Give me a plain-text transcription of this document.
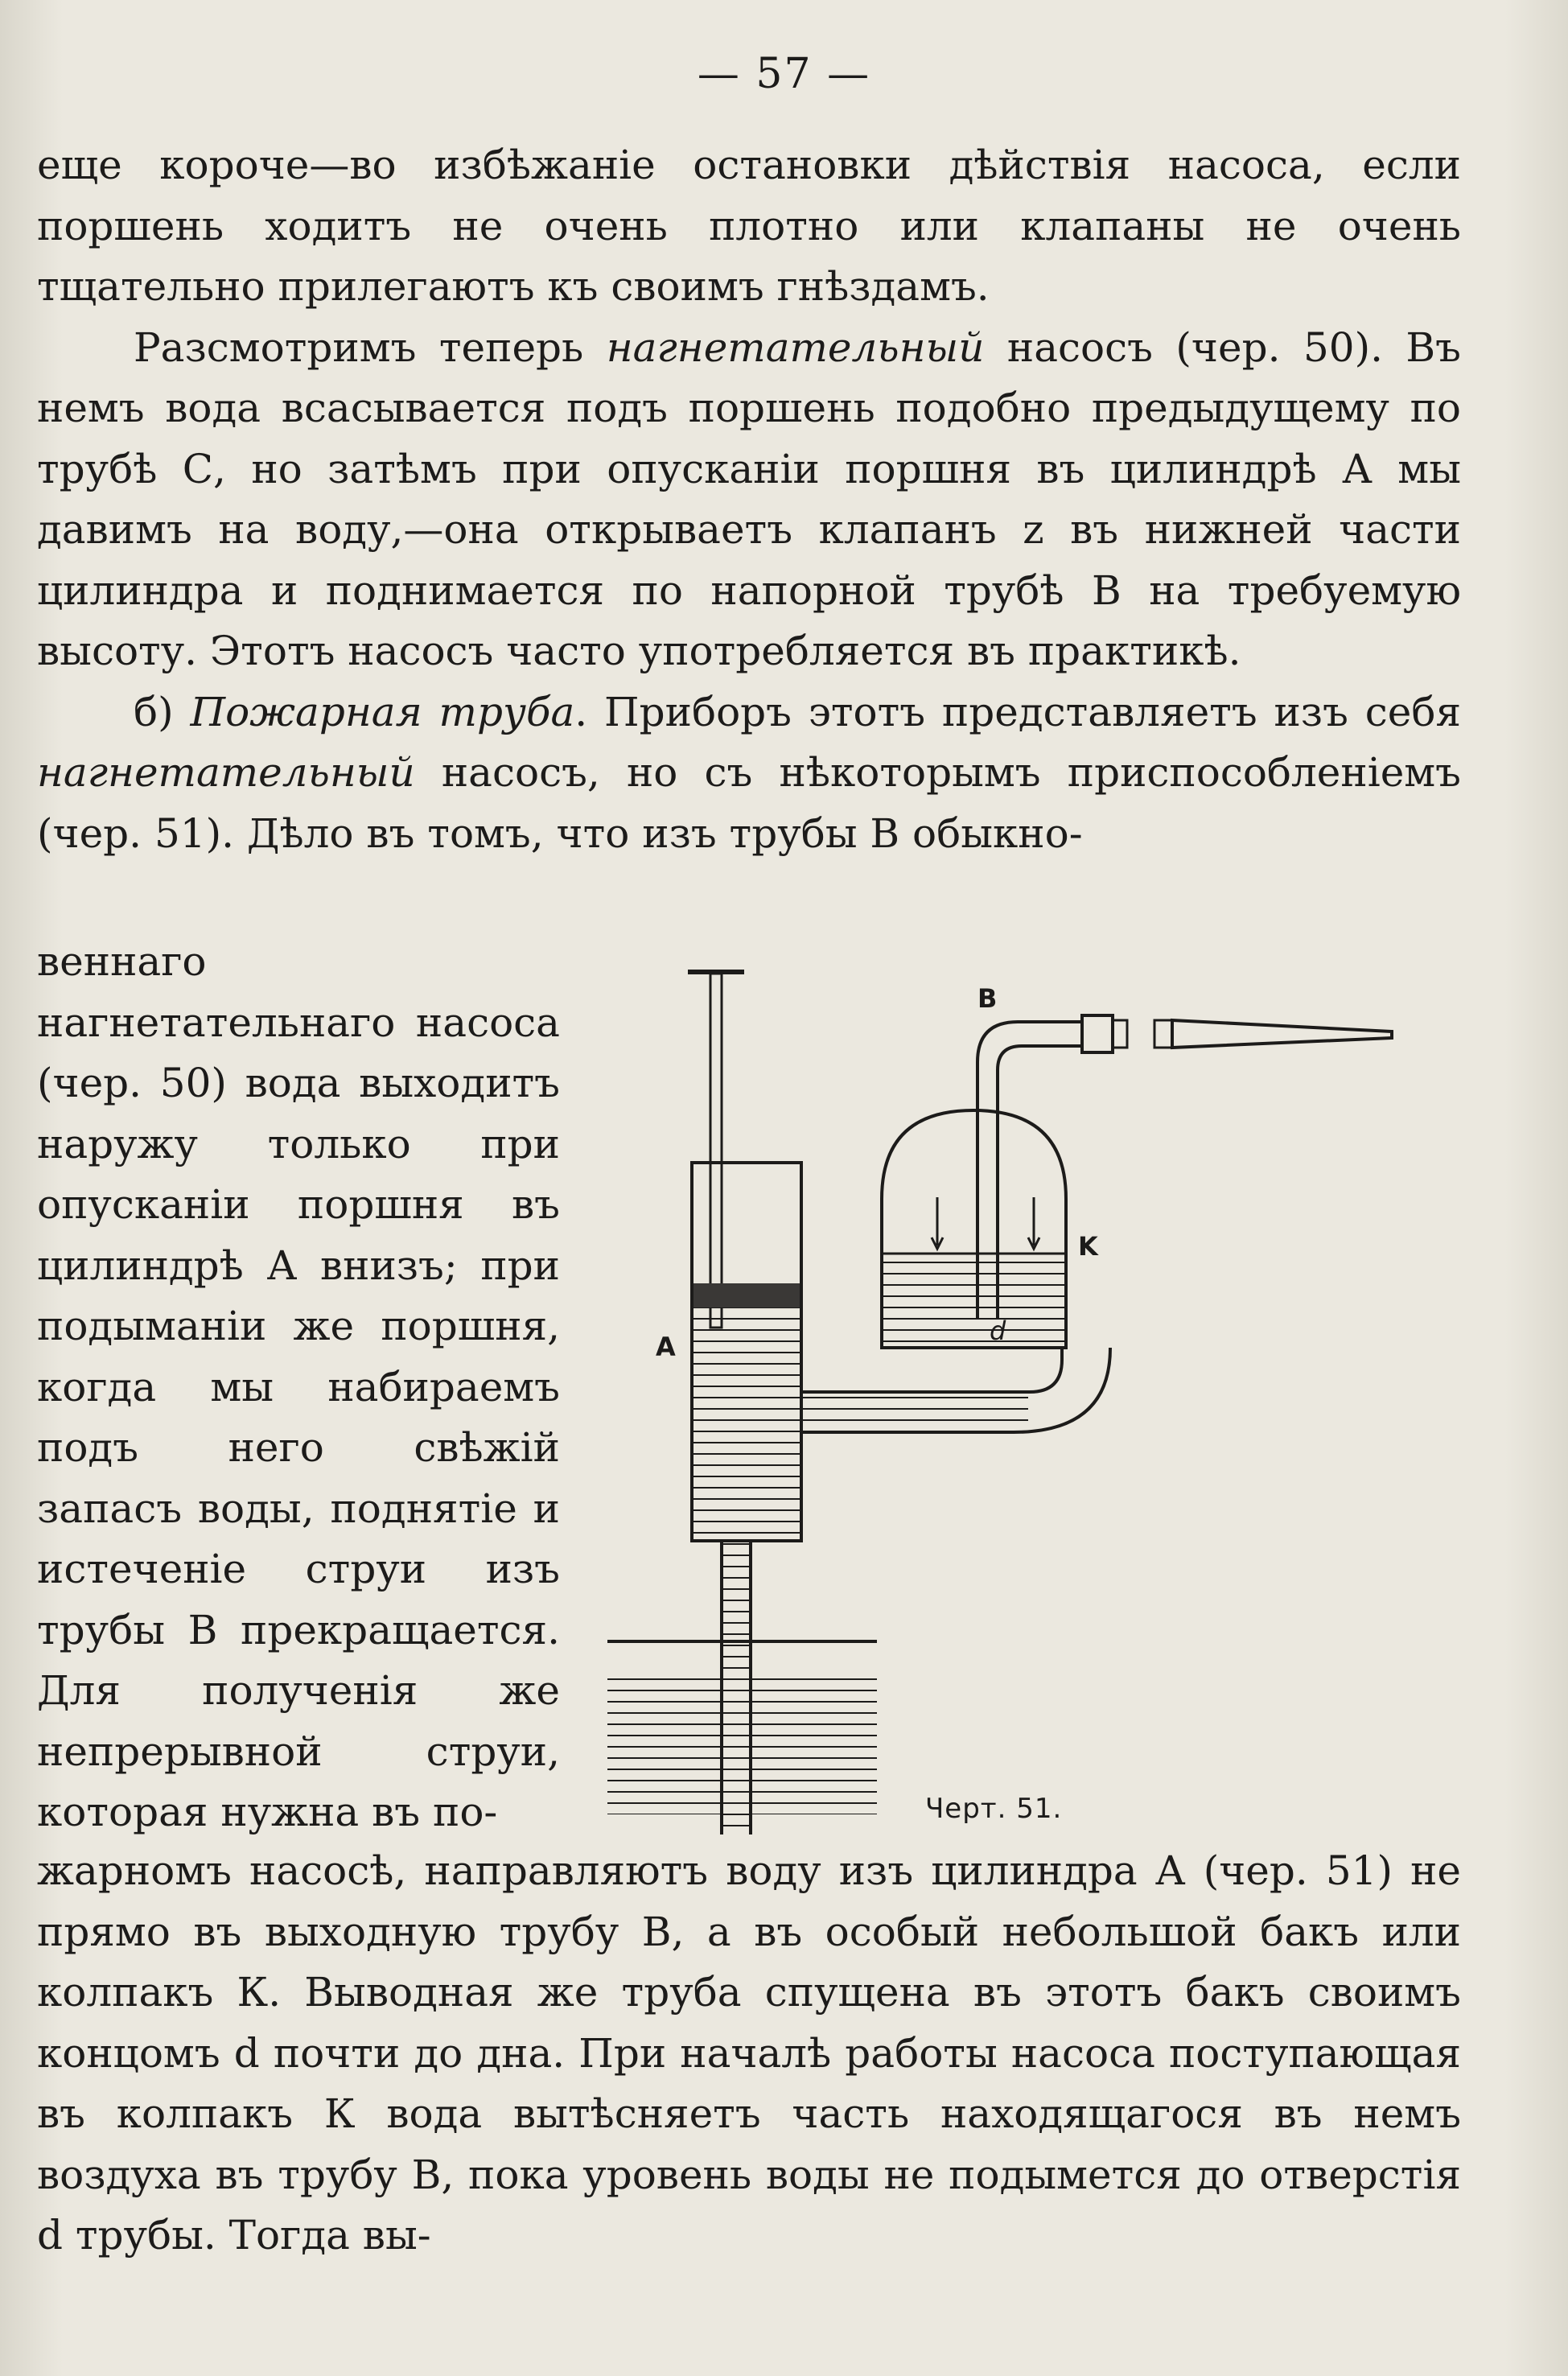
— 57 —

еще короче—во избѣжаніе остановки дѣйствія насоса, если поршень ходитъ не очень плотно или клапаны не очень тщательно прилегаютъ къ своимъ гнѣздамъ.

Разсмотримъ теперь нагнетательный насосъ (чер. 50). Въ немъ вода всасывается подъ поршень подобно предыдущему по трубѣ С, но затѣмъ при опусканіи поршня въ цилиндрѣ А мы давимъ на воду,—она открываетъ клапанъ z въ нижней части цилиндра и поднимается по напорной трубѣ В на требуемую высоту. Этотъ насосъ часто употребляется въ практикѣ.

б) Пожарная труба. Приборъ этотъ представляетъ изъ себя нагнетательный насосъ, но съ нѣкоторымъ приспособленіемъ (чер. 51). Дѣло въ томъ, что изъ трубы В обыкно-

веннаго нагнетательнаго насоса (чер. 50) вода выходитъ наружу только при опусканіи поршня въ цилиндрѣ А внизъ; при подыманіи же поршня, когда мы набираемъ подъ него свѣжій запасъ воды, поднятіе и истеченіе струи изъ трубы В прекращается. Для полученія же непрерывной струи, которая нужна въ по-

A
B
K
d
Черт. 51.

жарномъ насосѣ, направляютъ воду изъ цилиндра А (чер. 51) не прямо въ выходную трубу В, а въ особый небольшой бакъ или колпакъ К. Выводная же труба спущена въ этотъ бакъ своимъ концомъ d почти до дна. При началѣ работы насоса поступающая въ колпакъ К вода вытѣсняетъ часть находящагося въ немъ воздуха въ трубу В, пока уровень воды не подымется до отверстія d трубы. Тогда вы-
